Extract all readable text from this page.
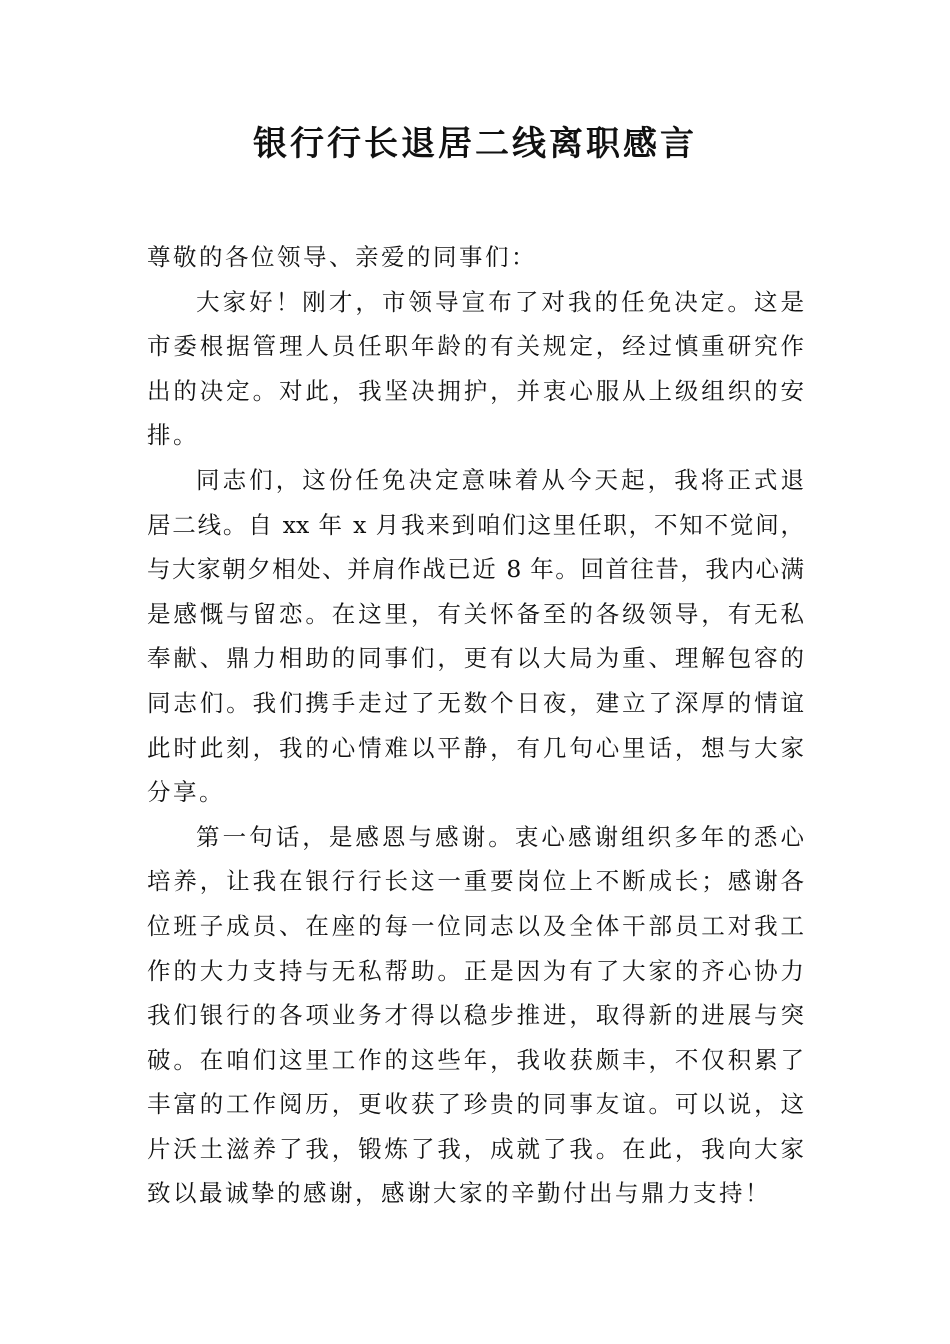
银行行长退居二线离职感言
尊敬的各位领导、亲爱的同事们：
大家好！刚才，市领导宣布了对我的任免决定。这是
市委根据管理人员任职年龄的有关规定，经过慎重研究作
出的决定。对此，我坚决拥护，并衷心服从上级组织的安
排。
同志们，这份任免决定意味着从今天起，我将正式退
居二线。自 xx 年 x 月我来到咱们这里任职，不知不觉间，
与大家朝夕相处、并肩作战已近 8 年。回首往昔，我内心满
是感慨与留恋。在这里，有关怀备至的各级领导，有无私
奉献、鼎力相助的同事们，更有以大局为重、理解包容的
同志们。我们携手走过了无数个日夜，建立了深厚的情谊
此时此刻，我的心情难以平静，有几句心里话，想与大家
分享。
第一句话，是感恩与感谢。衷心感谢组织多年的悉心
培养，让我在银行行长这一重要岗位上不断成长；感谢各
位班子成员、在座的每一位同志以及全体干部员工对我工
作的大力支持与无私帮助。正是因为有了大家的齐心协力
我们银行的各项业务才得以稳步推进，取得新的进展与突
破。在咱们这里工作的这些年，我收获颇丰，不仅积累了
丰富的工作阅历，更收获了珍贵的同事友谊。可以说，这
片沃土滋养了我，锻炼了我，成就了我。在此，我向大家
致以最诚挚的感谢，感谢大家的辛勤付出与鼎力支持！
